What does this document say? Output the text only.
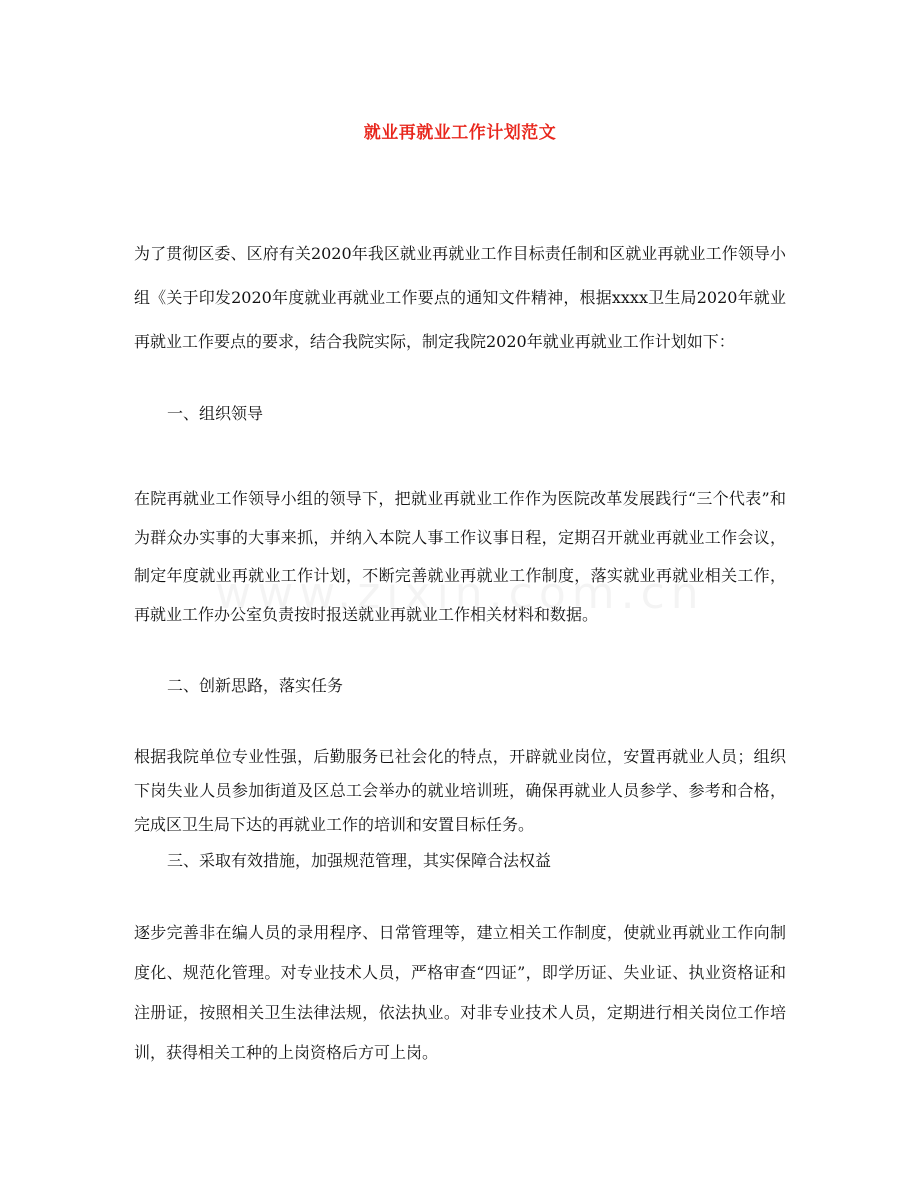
就业再就业工作计划范文
为了贯彻区委、区府有关2020年我区就业再就业工作目标责任制和区就业再就业工作领导小组《关于印发2020年度就业再就业工作要点的通知文件精神，根据xxxx卫生局2020年就业再就业工作要点的要求，结合我院实际，制定我院2020年就业再就业工作计划如下：
一、组织领导
在院再就业工作领导小组的领导下，把就业再就业工作作为医院改革发展践行“三个代表”和为群众办实事的大事来抓，并纳入本院人事工作议事日程，定期召开就业再就业工作会议，制定年度就业再就业工作计划，不断完善就业再就业工作制度，落实就业再就业相关工作，再就业工作办公室负责按时报送就业再就业工作相关材料和数据。
二、创新思路，落实任务
根据我院单位专业性强，后勤服务已社会化的特点，开辟就业岗位，安置再就业人员；组织下岗失业人员参加街道及区总工会举办的就业培训班，确保再就业人员参学、参考和合格，完成区卫生局下达的再就业工作的培训和安置目标任务。
三、采取有效措施，加强规范管理，其实保障合法权益
逐步完善非在编人员的录用程序、日常管理等，建立相关工作制度，使就业再就业工作向制度化、规范化管理。对专业技术人员，严格审查“四证”，即学历证、失业证、执业资格证和注册证，按照相关卫生法律法规，依法执业。对非专业技术人员，定期进行相关岗位工作培训，获得相关工种的上岗资格后方可上岗。
